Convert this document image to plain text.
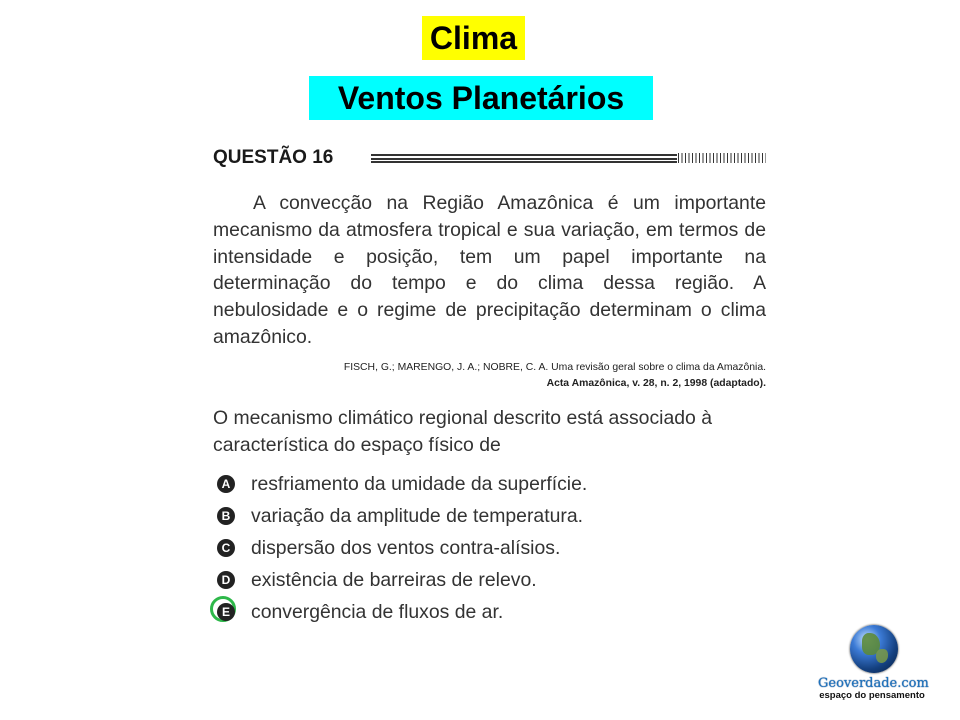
Clima
Ventos Planetários
QUESTÃO 16

A convecção na Região Amazônica é um importante mecanismo da atmosfera tropical e sua variação, em termos de intensidade e posição, tem um papel importante na determinação do tempo e do clima dessa região. A nebulosidade e o regime de precipitação determinam o clima amazônico.

FISCH, G.; MARENGO, J. A.; NOBRE, C. A. Uma revisão geral sobre o clima da Amazônia.
Acta Amazônica, v. 28, n. 2, 1998 (adaptado).

O mecanismo climático regional descrito está associado à característica do espaço físico de

A resfriamento da umidade da superfície.
B variação da amplitude de temperatura.
C dispersão dos ventos contra-alísios.
D existência de barreiras de relevo.
E convergência de fluxos de ar.
Geoverdade.com
espaço do pensamento
